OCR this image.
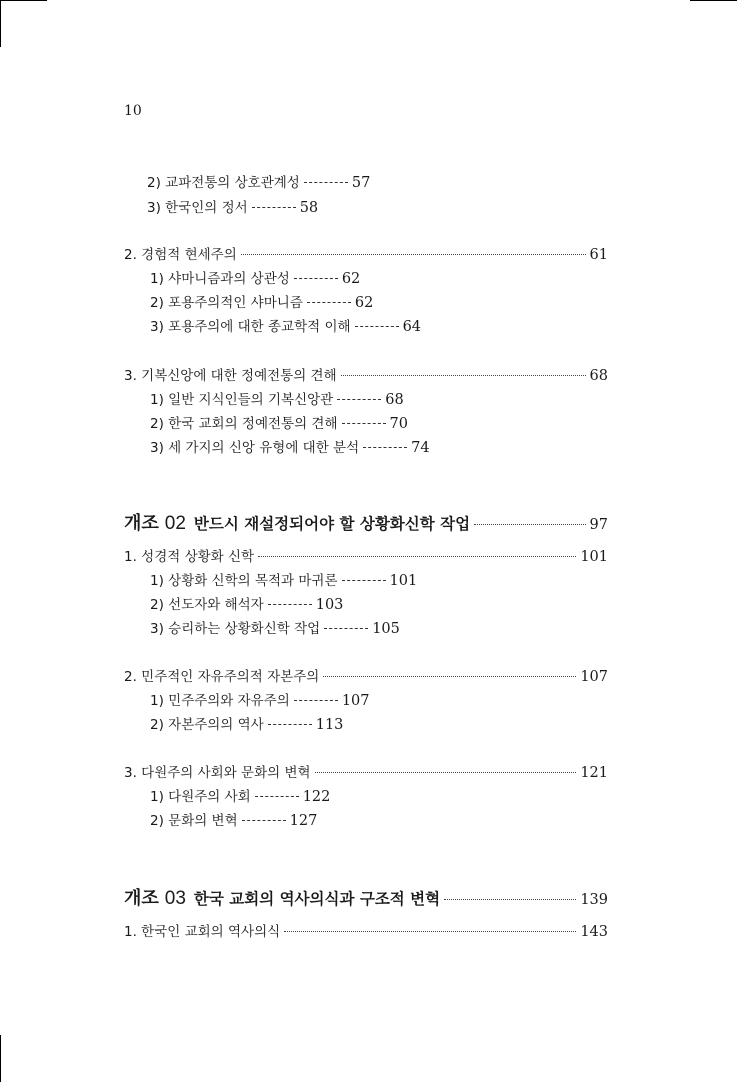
10
2) 교파전통의 상호관계성	57
3) 한국인의 정서	58
2. 경험적 현세주의	61
1) 샤마니즘과의 상관성	62
2) 포용주의적인 샤마니즘	62
3) 포용주의에 대한 종교학적 이해	64
3. 기복신앙에 대한 정예전통의 견해	68
1) 일반 지식인들의 기복신앙관	68
2) 한국 교회의 정예전통의 견해	70
3) 세 가지의 신앙 유형에 대한 분석	74
개조 02 반드시 재설정되어야 할 상황화신학 작업	97
1. 성경적 상황화 신학	101
1) 상황화 신학의 목적과 마귀론	101
2) 선도자와 해석자	103
3) 승리하는 상황화신학 작업	105
2. 민주적인 자유주의적 자본주의	107
1) 민주주의와 자유주의	107
2) 자본주의의 역사	113
3. 다원주의 사회와 문화의 변혁	121
1) 다원주의 사회	122
2) 문화의 변혁	127
개조 03 한국 교회의 역사의식과 구조적 변혁	139
1. 한국인 교회의 역사의식	143
